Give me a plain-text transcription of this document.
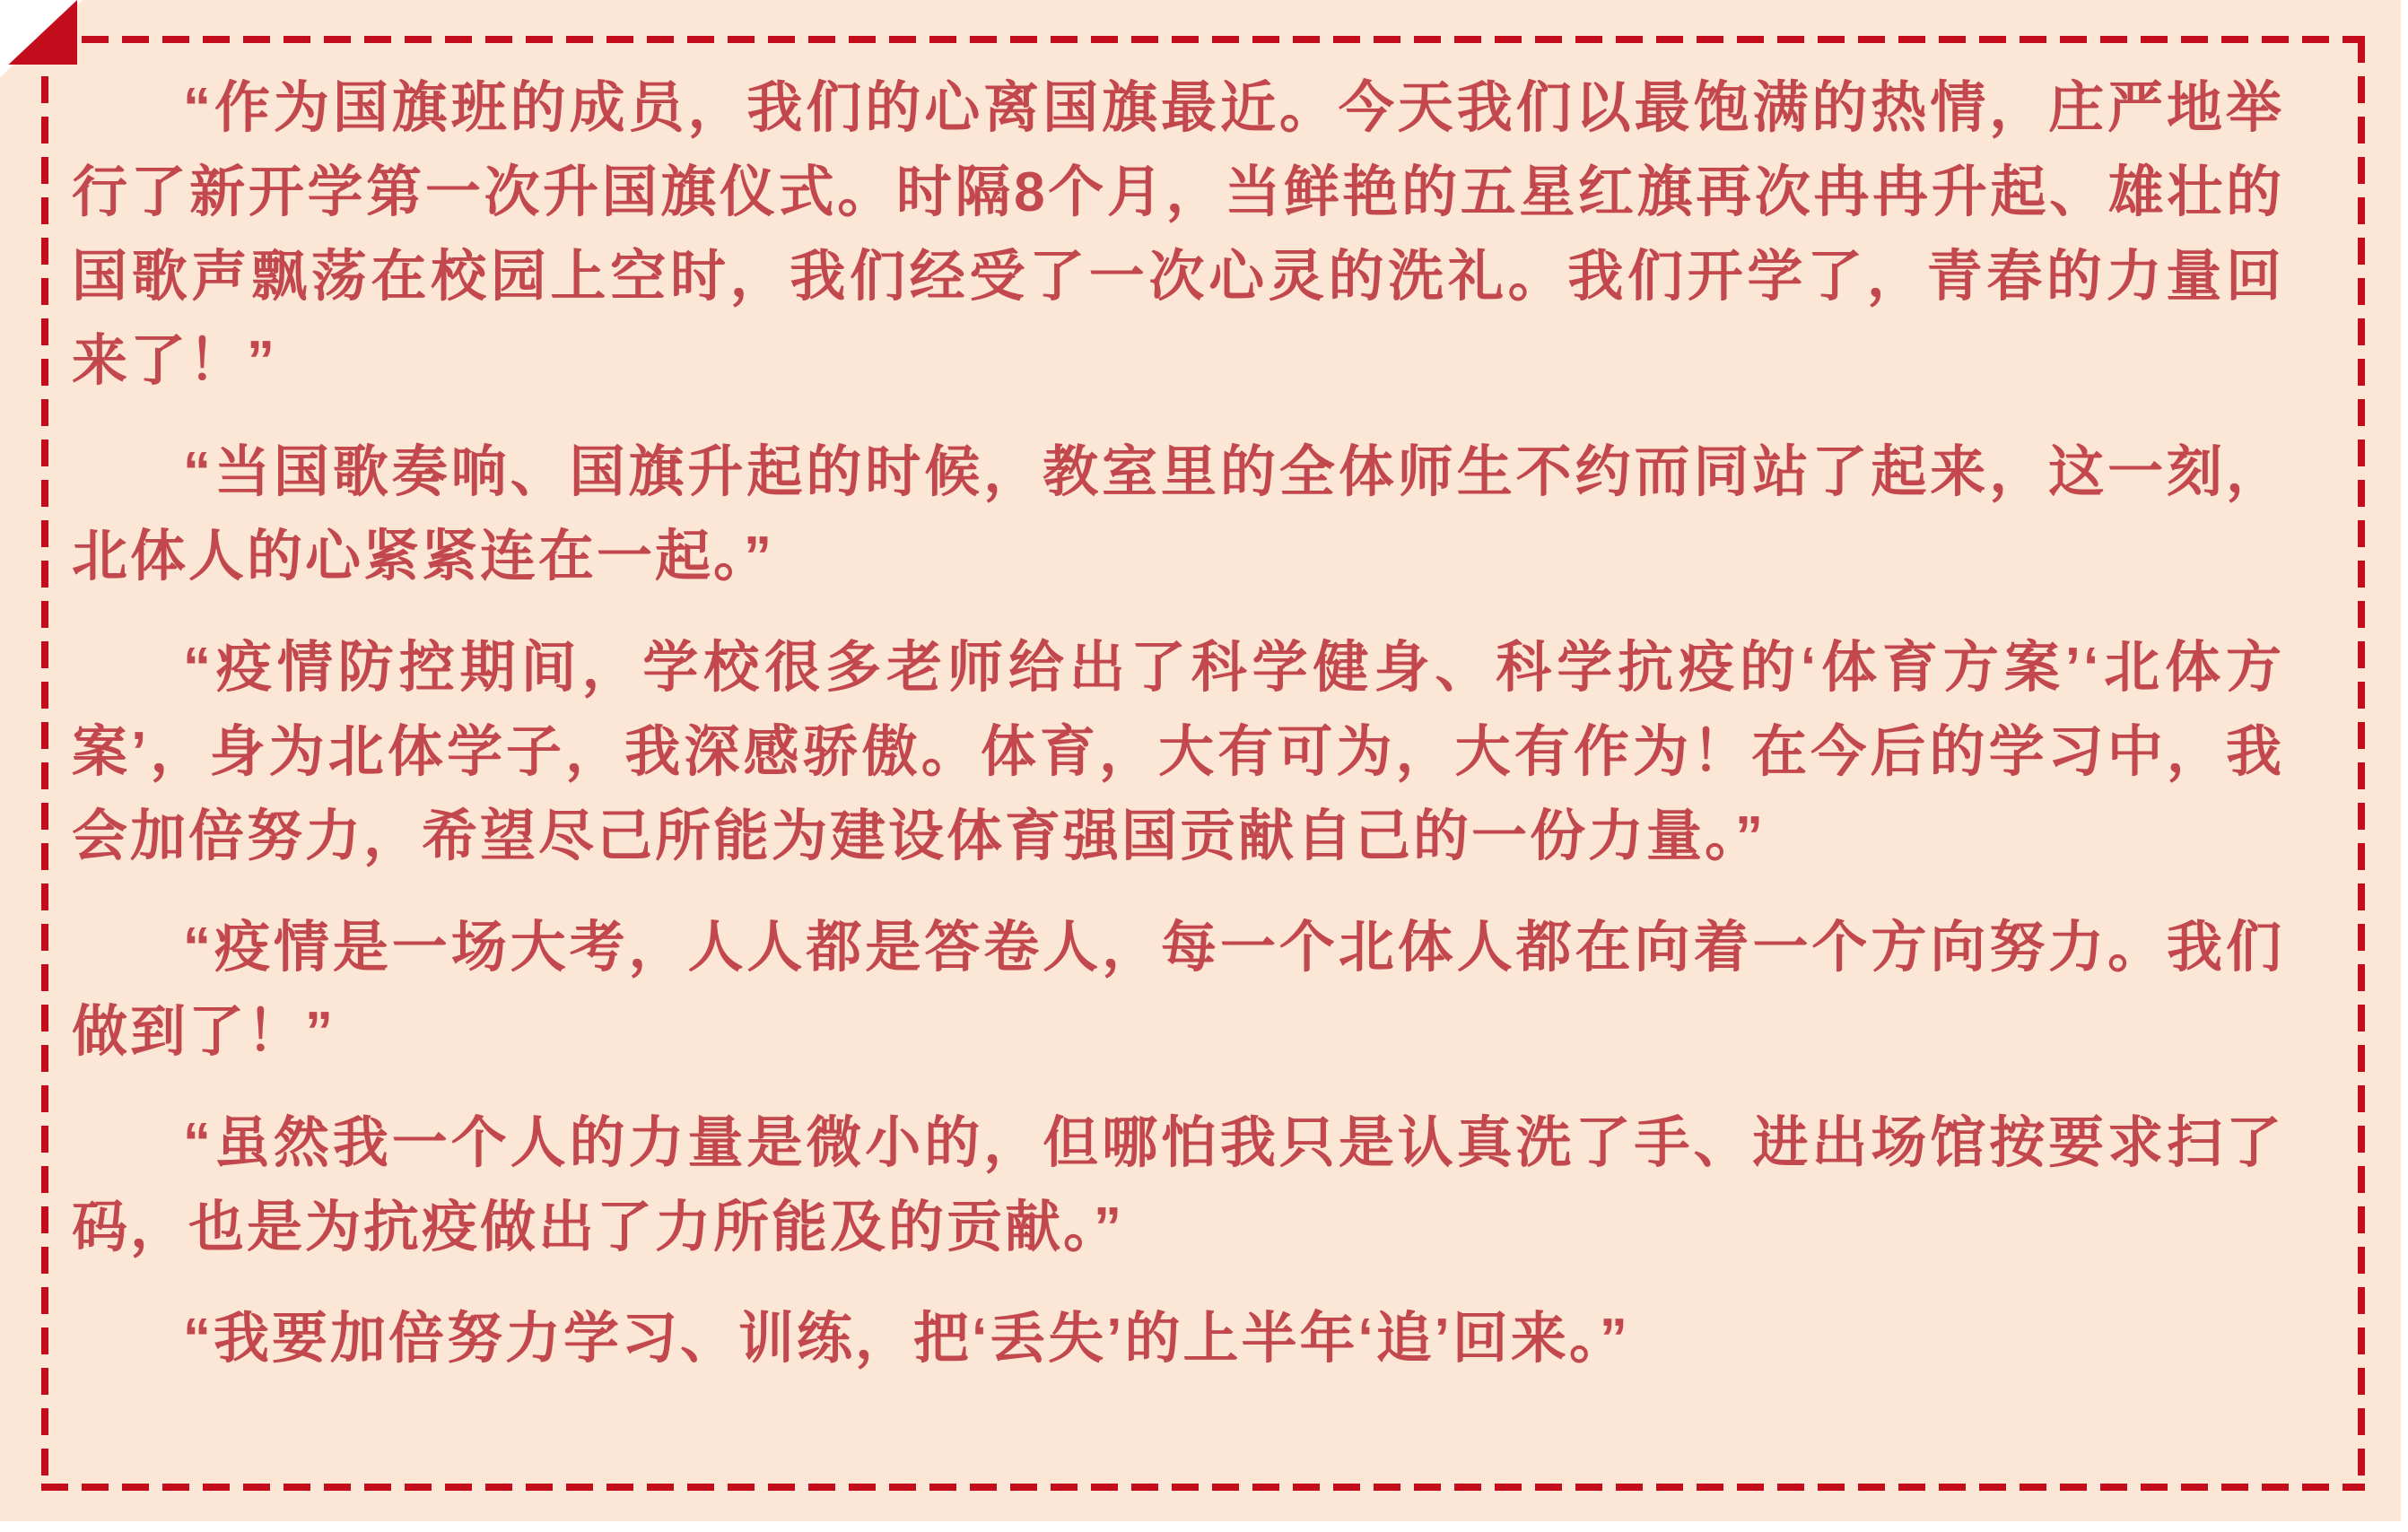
“作为国旗班的成员，我们的心离国旗最近。今天我们以最饱满的热情，庄严地举行了新开学第一次升国旗仪式。时隔8个月，当鲜艳的五星红旗再次冉冉升起、雄壮的国歌声飘荡在校园上空时，我们经受了一次心灵的洗礼。我们开学了，青春的力量回来了！”

“当国歌奏响、国旗升起的时候，教室里的全体师生不约而同站了起来，这一刻，北体人的心紧紧连在一起。”

“疫情防控期间，学校很多老师给出了科学健身、科学抗疫的‘体育方案’‘北体方案’，身为北体学子，我深感骄傲。体育，大有可为，大有作为！在今后的学习中，我会加倍努力，希望尽己所能为建设体育强国贡献自己的一份力量。”

“疫情是一场大考，人人都是答卷人，每一个北体人都在向着一个方向努力。我们做到了！”

“虽然我一个人的力量是微小的，但哪怕我只是认真洗了手、进出场馆按要求扫了码，也是为抗疫做出了力所能及的贡献。”

“我要加倍努力学习、训练，把‘丢失’的上半年‘追’回来。”
